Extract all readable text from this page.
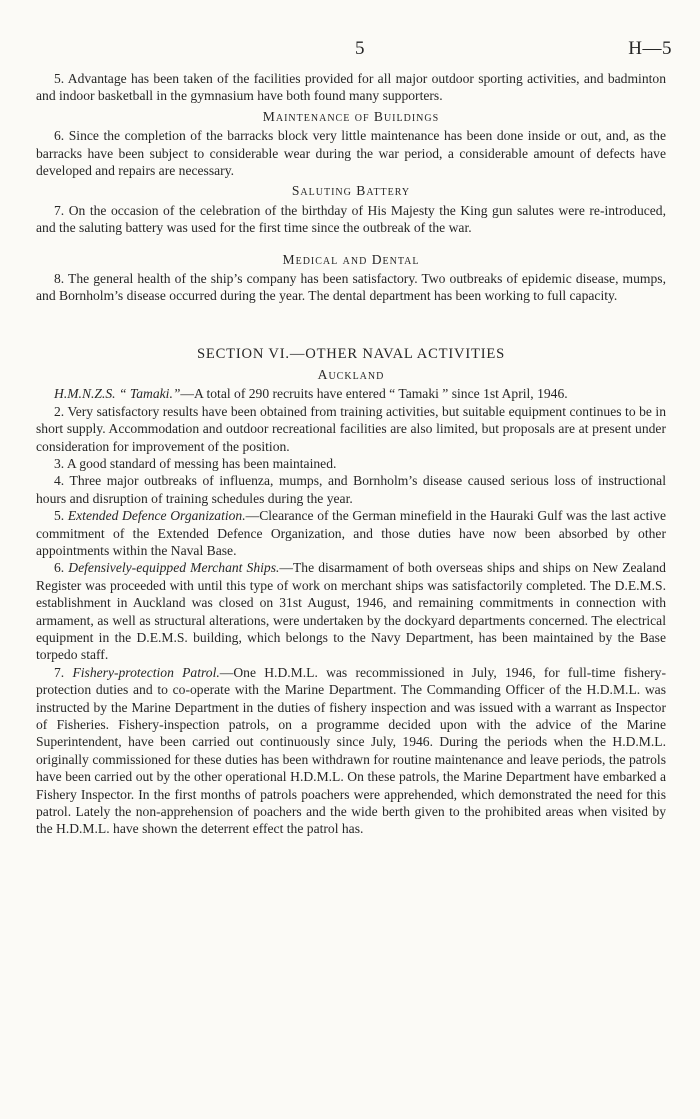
5	H—5

5. Advantage has been taken of the facilities provided for all major outdoor sporting activities, and badminton and indoor basketball in the gymnasium have both found many supporters.

Maintenance of Buildings

6. Since the completion of the barracks block very little maintenance has been done inside or out, and, as the barracks have been subject to considerable wear during the war period, a considerable amount of defects have developed and repairs are necessary.

Saluting Battery

7. On the occasion of the celebration of the birthday of His Majesty the King gun salutes were re-introduced, and the saluting battery was used for the first time since the outbreak of the war.

Medical and Dental

8. The general health of the ship’s company has been satisfactory. Two outbreaks of epidemic disease, mumps, and Bornholm’s disease occurred during the year. The dental department has been working to full capacity.

SECTION VI.—OTHER NAVAL ACTIVITIES
Auckland

H.M.N.Z.S. “ Tamaki.”—A total of 290 recruits have entered “ Tamaki ” since 1st April, 1946.

2. Very satisfactory results have been obtained from training activities, but suitable equipment continues to be in short supply. Accommodation and outdoor recreational facilities are also limited, but proposals are at present under consideration for improvement of the position.

3. A good standard of messing has been maintained.

4. Three major outbreaks of influenza, mumps, and Bornholm’s disease caused serious loss of instructional hours and disruption of training schedules during the year.

5. Extended Defence Organization.—Clearance of the German minefield in the Hauraki Gulf was the last active commitment of the Extended Defence Organization, and those duties have now been absorbed by other appointments within the Naval Base.

6. Defensively-equipped Merchant Ships.—The disarmament of both overseas ships and ships on New Zealand Register was proceeded with until this type of work on merchant ships was satisfactorily completed. The D.E.M.S. establishment in Auckland was closed on 31st August, 1946, and remaining commitments in connection with armament, as well as structural alterations, were undertaken by the dockyard departments concerned. The electrical equipment in the D.E.M.S. building, which belongs to the Navy Department, has been maintained by the Base torpedo staff.

7. Fishery-protection Patrol.—One H.D.M.L. was recommissioned in July, 1946, for full-time fishery-protection duties and to co-operate with the Marine Department. The Commanding Officer of the H.D.M.L. was instructed by the Marine Department in the duties of fishery inspection and was issued with a warrant as Inspector of Fisheries. Fishery-inspection patrols, on a programme decided upon with the advice of the Marine Superintendent, have been carried out continuously since July, 1946. During the periods when the H.D.M.L. originally commissioned for these duties has been withdrawn for routine maintenance and leave periods, the patrols have been carried out by the other operational H.D.M.L. On these patrols, the Marine Department have embarked a Fishery Inspector. In the first months of patrols poachers were apprehended, which demonstrated the need for this patrol. Lately the non-apprehension of poachers and the wide berth given to the prohibited areas when visited by the H.D.M.L. have shown the deterrent effect the patrol has.
